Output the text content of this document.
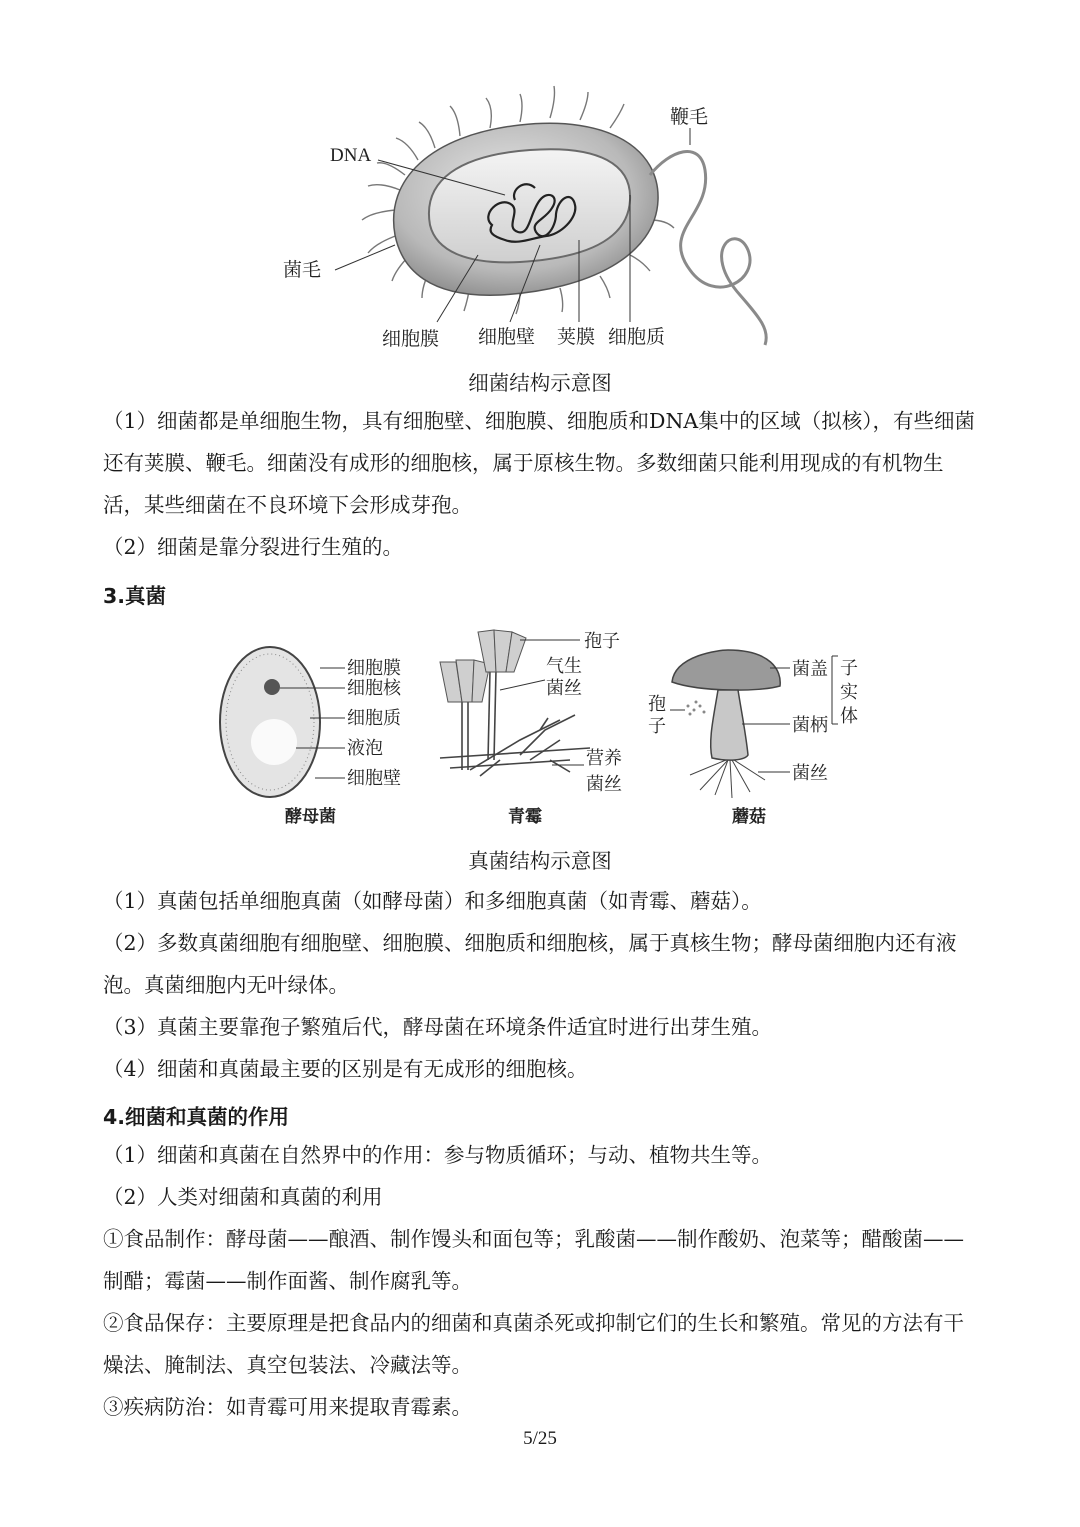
DNA
鞭毛
菌毛
细胞膜 细胞壁 荚膜 细胞质
细菌结构示意图
（1）细菌都是单细胞生物，具有细胞壁、细胞膜、细胞质和DNA集中的区域（拟核），有些细菌还有荚膜、鞭毛。细菌没有成形的细胞核，属于原核生物。多数细菌只能利用现成的有机物生活，某些细菌在不良环境下会形成芽孢。
（2）细菌是靠分裂进行生殖的。
3.真菌
细胞膜
细胞核
细胞质
液泡
细胞壁
酵母菌
孢子
气生
菌丝
营养
菌丝
青霉
菌盖
菌柄
菌丝
孢
子
子
实
体
蘑菇
真菌结构示意图
（1）真菌包括单细胞真菌（如酵母菌）和多细胞真菌（如青霉、蘑菇）。
（2）多数真菌细胞有细胞壁、细胞膜、细胞质和细胞核，属于真核生物；酵母菌细胞内还有液泡。真菌细胞内无叶绿体。
（3）真菌主要靠孢子繁殖后代，酵母菌在环境条件适宜时进行出芽生殖。
（4）细菌和真菌最主要的区别是有无成形的细胞核。
4.细菌和真菌的作用
（1）细菌和真菌在自然界中的作用：参与物质循环；与动、植物共生等。
（2）人类对细菌和真菌的利用
①食品制作：酵母菌——酿酒、制作馒头和面包等；乳酸菌——制作酸奶、泡菜等；醋酸菌——制醋；霉菌——制作面酱、制作腐乳等。
②食品保存：主要原理是把食品内的细菌和真菌杀死或抑制它们的生长和繁殖。常见的方法有干燥法、腌制法、真空包装法、冷藏法等。
③疾病防治：如青霉可用来提取青霉素。
5/25
